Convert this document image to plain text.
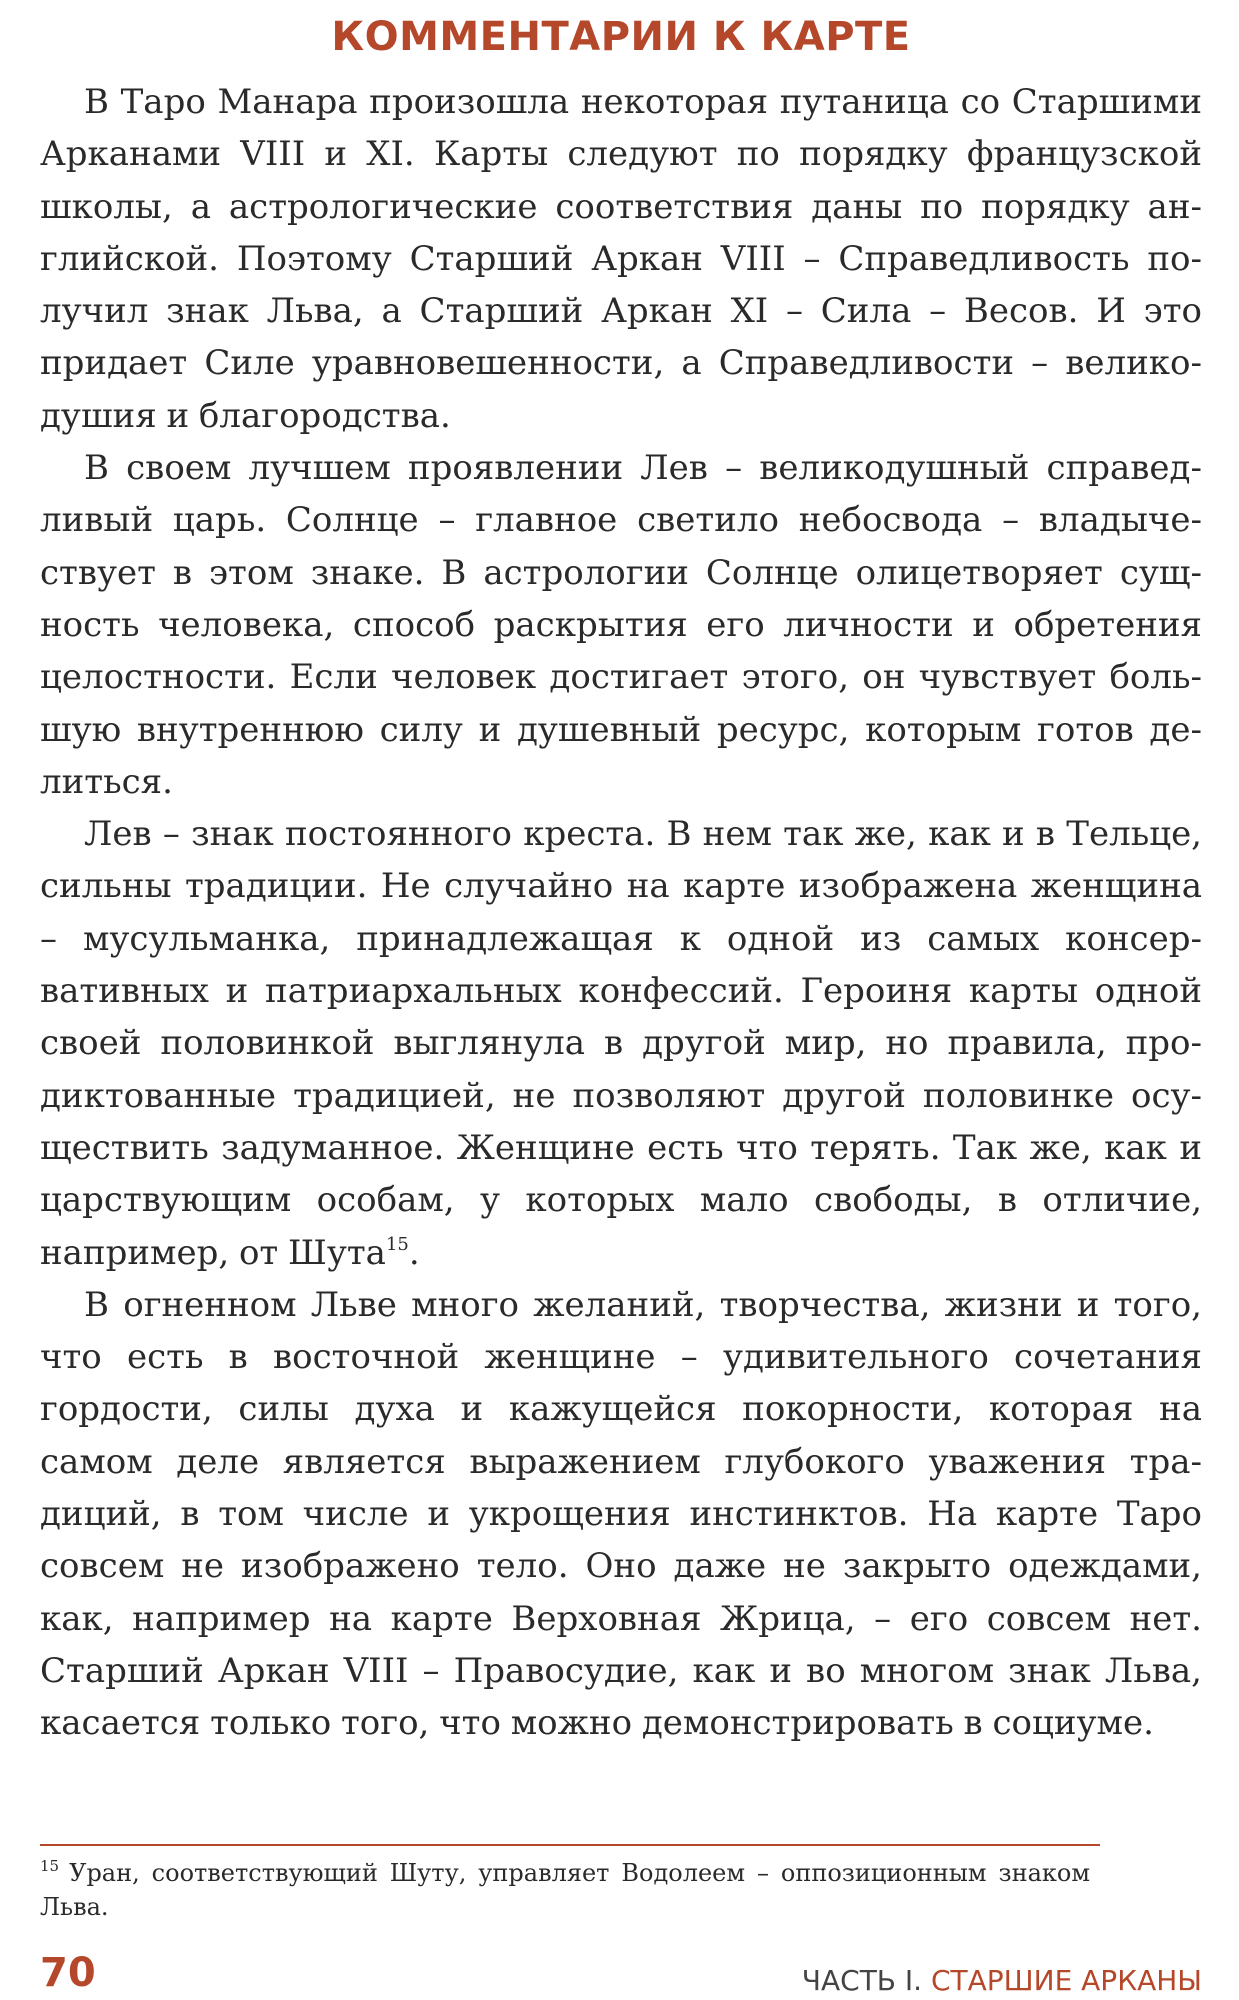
КОММЕНТАРИИ К КАРТЕ

В Таро Манара произошла некоторая путаница со Старшими Арканами VIII и XI. Карты следуют по порядку французской школы, а астрологические соответствия даны по порядку английской. Поэтому Старший Аркан VIII – Справедливость получил знак Льва, а Старший Аркан XI – Сила – Весов. И это придает Силе уравновешенности, а Справедливости – великодушия и благородства.

В своем лучшем проявлении Лев – великодушный справедливый царь. Солнце – главное светило небосвода – владычествует в этом знаке. В астрологии Солнце олицетворяет сущность человека, способ раскрытия его личности и обретения целостности. Если человек достигает этого, он чувствует большую внутреннюю силу и душевный ресурс, которым готов делиться.

Лев – знак постоянного креста. В нем так же, как и в Тельце, сильны традиции. Не случайно на карте изображена женщина – мусульманка, принадлежащая к одной из самых консервативных и патриархальных конфессий. Героиня карты одной своей половинкой выглянула в другой мир, но правила, продиктованные традицией, не позволяют другой половинке осуществить задуманное. Женщине есть что терять. Так же, как и царствующим особам, у которых мало свободы, в отличие, например, от Шута$^{15}$.

В огненном Льве много желаний, творчества, жизни и того, что есть в восточной женщине – удивительного сочетания гордости, силы духа и кажущейся покорности, которая на самом деле является выражением глубокого уважения традиций, в том числе и укрощения инстинктов. На карте Таро совсем не изображено тело. Оно даже не закрыто одеждами, как, например на карте Верховная Жрица, – его совсем нет. Старший Аркан VIII – Правосудие, как и во многом знак Льва, касается только того, что можно демонстрировать в социуме.

$^{15}$ Уран, соответствующий Шуту, управляет Водолеем – оппозиционным знаком Льва.
70	ЧАСТЬ I. СТАРШИЕ АРКАНЫ
